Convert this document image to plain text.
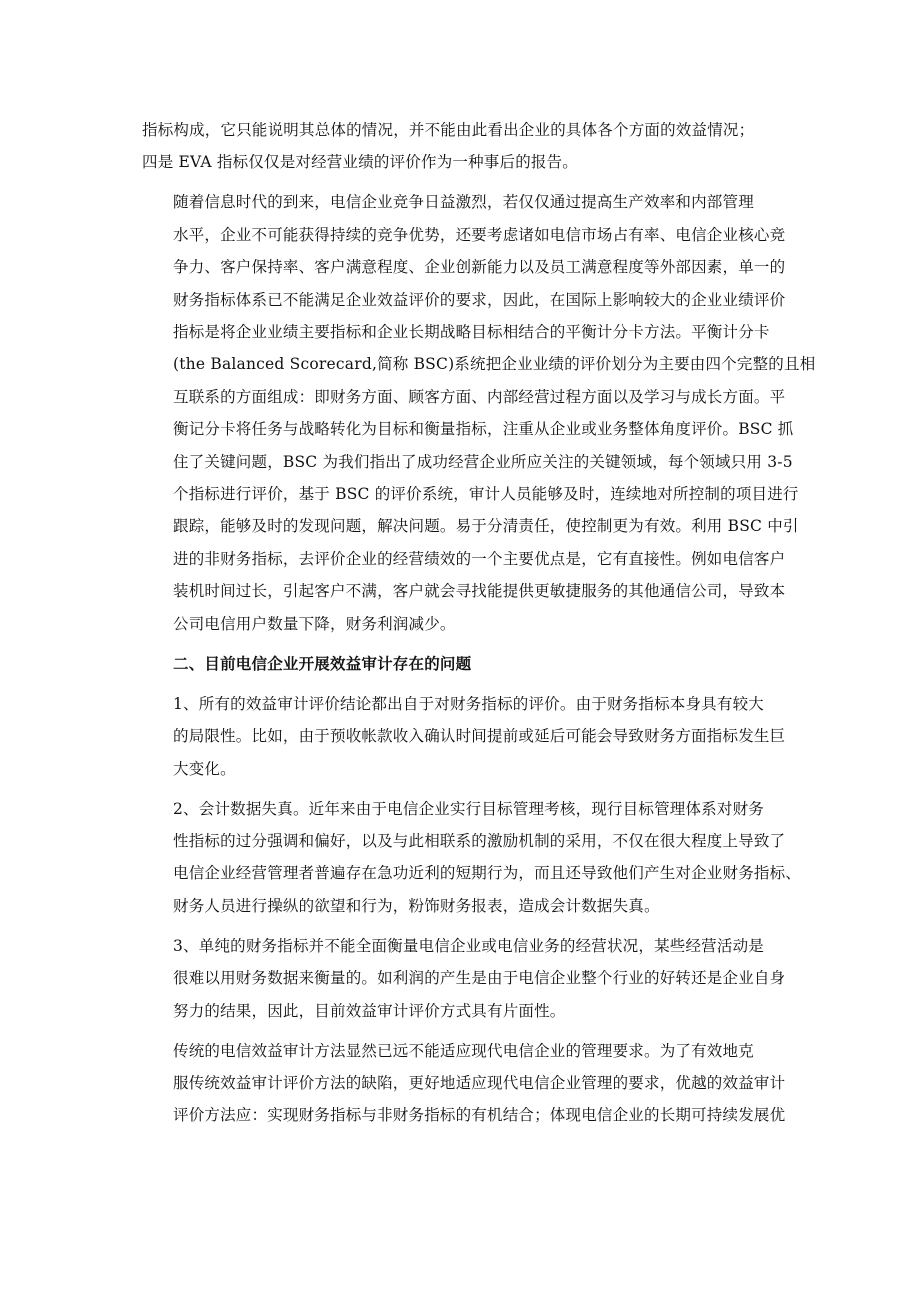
指标构成，它只能说明其总体的情况，并不能由此看出企业的具体各个方面的效益情况；
四是 EVA 指标仅仅是对经营业绩的评价作为一种事后的报告。
随着信息时代的到来，电信企业竞争日益激烈，若仅仅通过提高生产效率和内部管理
水平，企业不可能获得持续的竞争优势，还要考虑诸如电信市场占有率、电信企业核心竞
争力、客户保持率、客户满意程度、企业创新能力以及员工满意程度等外部因素，单一的
财务指标体系已不能满足企业效益评价的要求，因此，在国际上影响较大的企业业绩评价
指标是将企业业绩主要指标和企业长期战略目标相结合的平衡计分卡方法。平衡计分卡
(the Balanced Scorecard,简称 BSC)系统把企业业绩的评价划分为主要由四个完整的且相
互联系的方面组成：即财务方面、顾客方面、内部经营过程方面以及学习与成长方面。平
衡记分卡将任务与战略转化为目标和衡量指标，注重从企业或业务整体角度评价。BSC 抓
住了关键问题，BSC 为我们指出了成功经营企业所应关注的关键领域，每个领域只用 3-5
个指标进行评价，基于 BSC 的评价系统，审计人员能够及时，连续地对所控制的项目进行
跟踪，能够及时的发现问题，解决问题。易于分清责任，使控制更为有效。利用 BSC 中引
进的非财务指标，去评价企业的经营绩效的一个主要优点是，它有直接性。例如电信客户
装机时间过长，引起客户不满，客户就会寻找能提供更敏捷服务的其他通信公司，导致本
公司电信用户数量下降，财务利润减少。
二、目前电信企业开展效益审计存在的问题
1、所有的效益审计评价结论都出自于对财务指标的评价。由于财务指标本身具有较大
的局限性。比如，由于预收帐款收入确认时间提前或延后可能会导致财务方面指标发生巨
大变化。
2、会计数据失真。近年来由于电信企业实行目标管理考核，现行目标管理体系对财务
性指标的过分强调和偏好，以及与此相联系的激励机制的采用，不仅在很大程度上导致了
电信企业经营管理者普遍存在急功近利的短期行为，而且还导致他们产生对企业财务指标、
财务人员进行操纵的欲望和行为，粉饰财务报表，造成会计数据失真。
3、单纯的财务指标并不能全面衡量电信企业或电信业务的经营状况，某些经营活动是
很难以用财务数据来衡量的。如利润的产生是由于电信企业整个行业的好转还是企业自身
努力的结果，因此，目前效益审计评价方式具有片面性。
传统的电信效益审计方法显然已远不能适应现代电信企业的管理要求。为了有效地克
服传统效益审计评价方法的缺陷，更好地适应现代电信企业管理的要求，优越的效益审计
评价方法应：实现财务指标与非财务指标的有机结合；体现电信企业的长期可持续发展优
